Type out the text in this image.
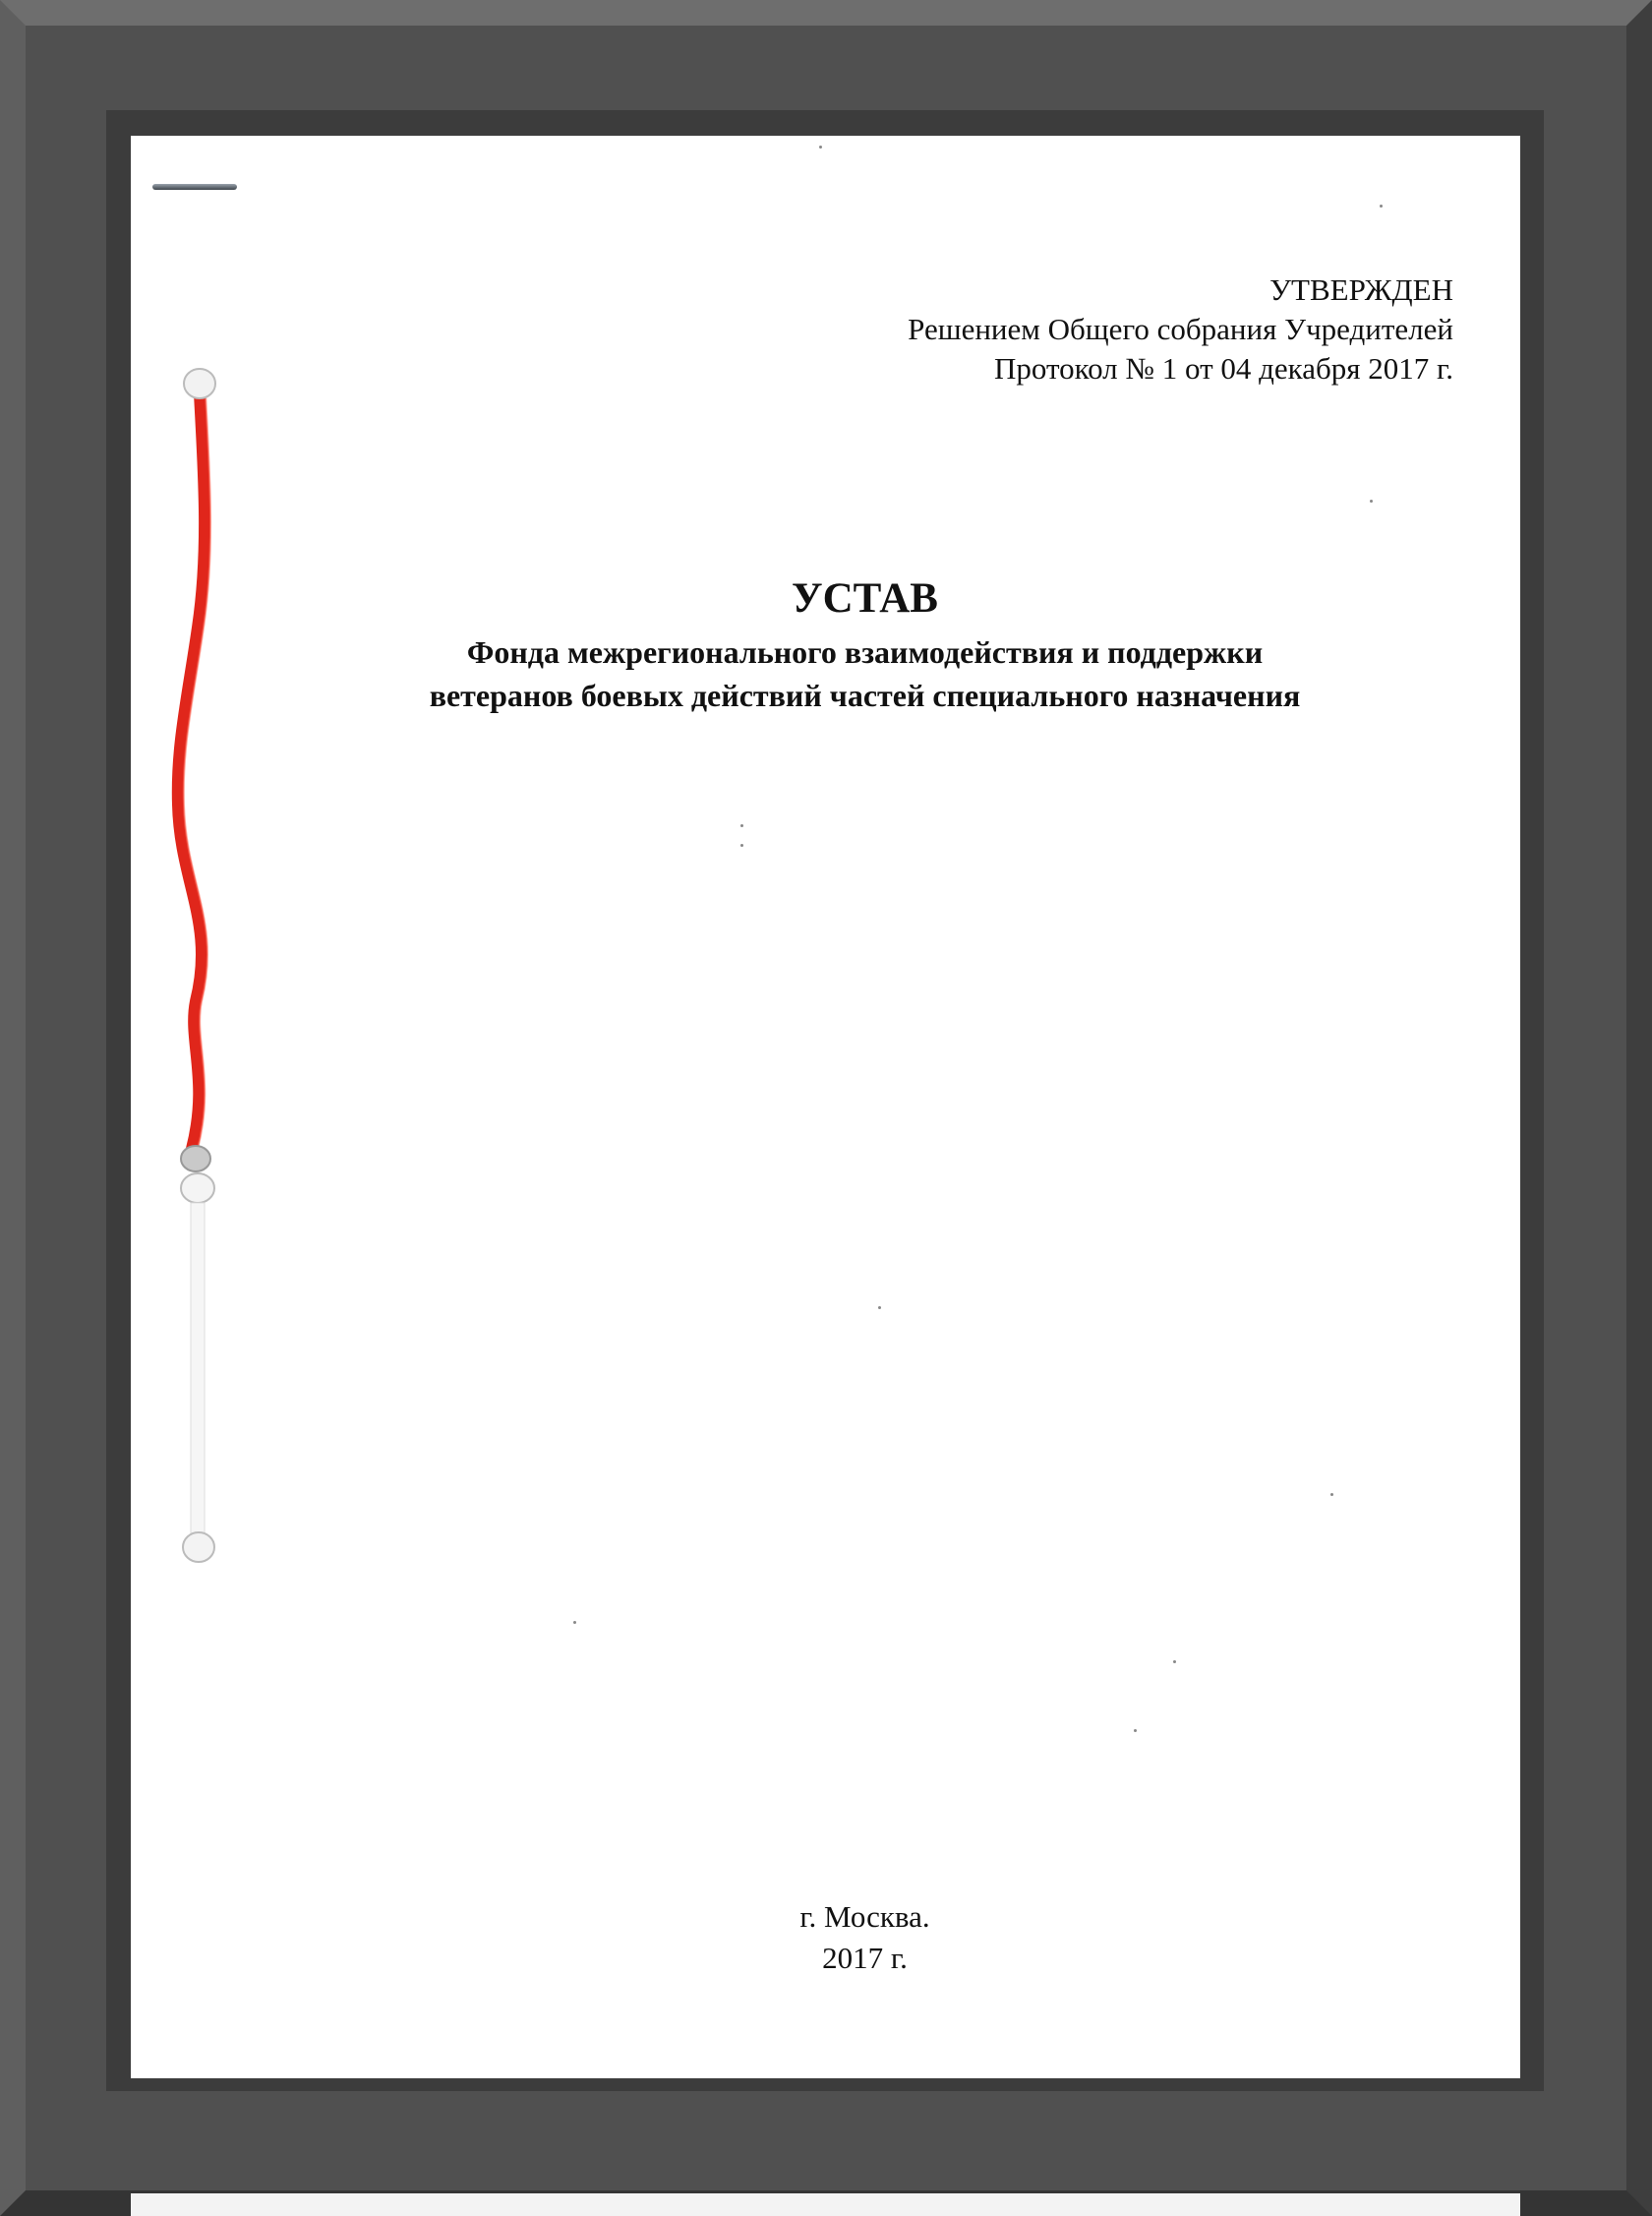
УТВЕРЖДЕН
Решением Общего собрания Учредителей
Протокол № 1 от 04 декабря 2017 г.
УСТАВ
Фонда межрегионального взаимодействия и поддержки
ветеранов боевых действий частей специального назначения
г. Москва.
2017 г.
